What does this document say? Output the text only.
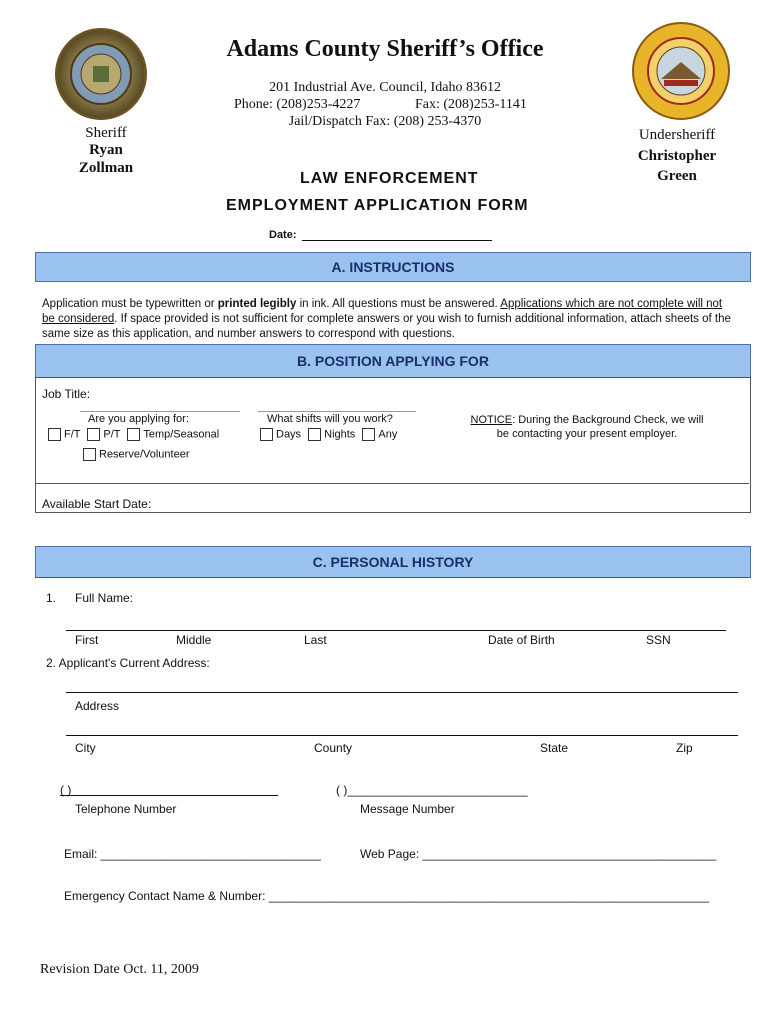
Adams County Sheriff’s Office
201 Industrial Ave. Council, Idaho 83612
Phone: (208)253-4227	Fax: (208)253-1141
Jail/Dispatch Fax: (208) 253-4370
Sheriff
Ryan
Zollman
Undersheriff
Christopher
Green
LAW ENFORCEMENT
EMPLOYMENT APPLICATION FORM
Date:
A. INSTRUCTIONS
Application must be typewritten or printed legibly in ink. All questions must be answered. Applications which are not complete will not be considered. If space provided is not sufficient for complete answers or you wish to furnish additional information, attach sheets of the same size as this application, and number answers to correspond with questions.
B. POSITION APPLYING FOR
Job Title:
Are you applying for:
F/T P/T Temp/Seasonal
Reserve/Volunteer
What shifts will you work?
Days Nights Any
NOTICE: During the Background Check, we will
be contacting your present employer.
Available Start Date:
C. PERSONAL HISTORY
1. Full Name:
First	Middle	Last	Date of Birth	SSN
2. Applicant's Current Address:
Address
City	County	State	Zip
( )	( )___________________________
Telephone Number	Message Number
Email: _________________________________	Web Page: ____________________________________________
Emergency Contact Name & Number: __________________________________________________________________
Revision Date Oct. 11, 2009
